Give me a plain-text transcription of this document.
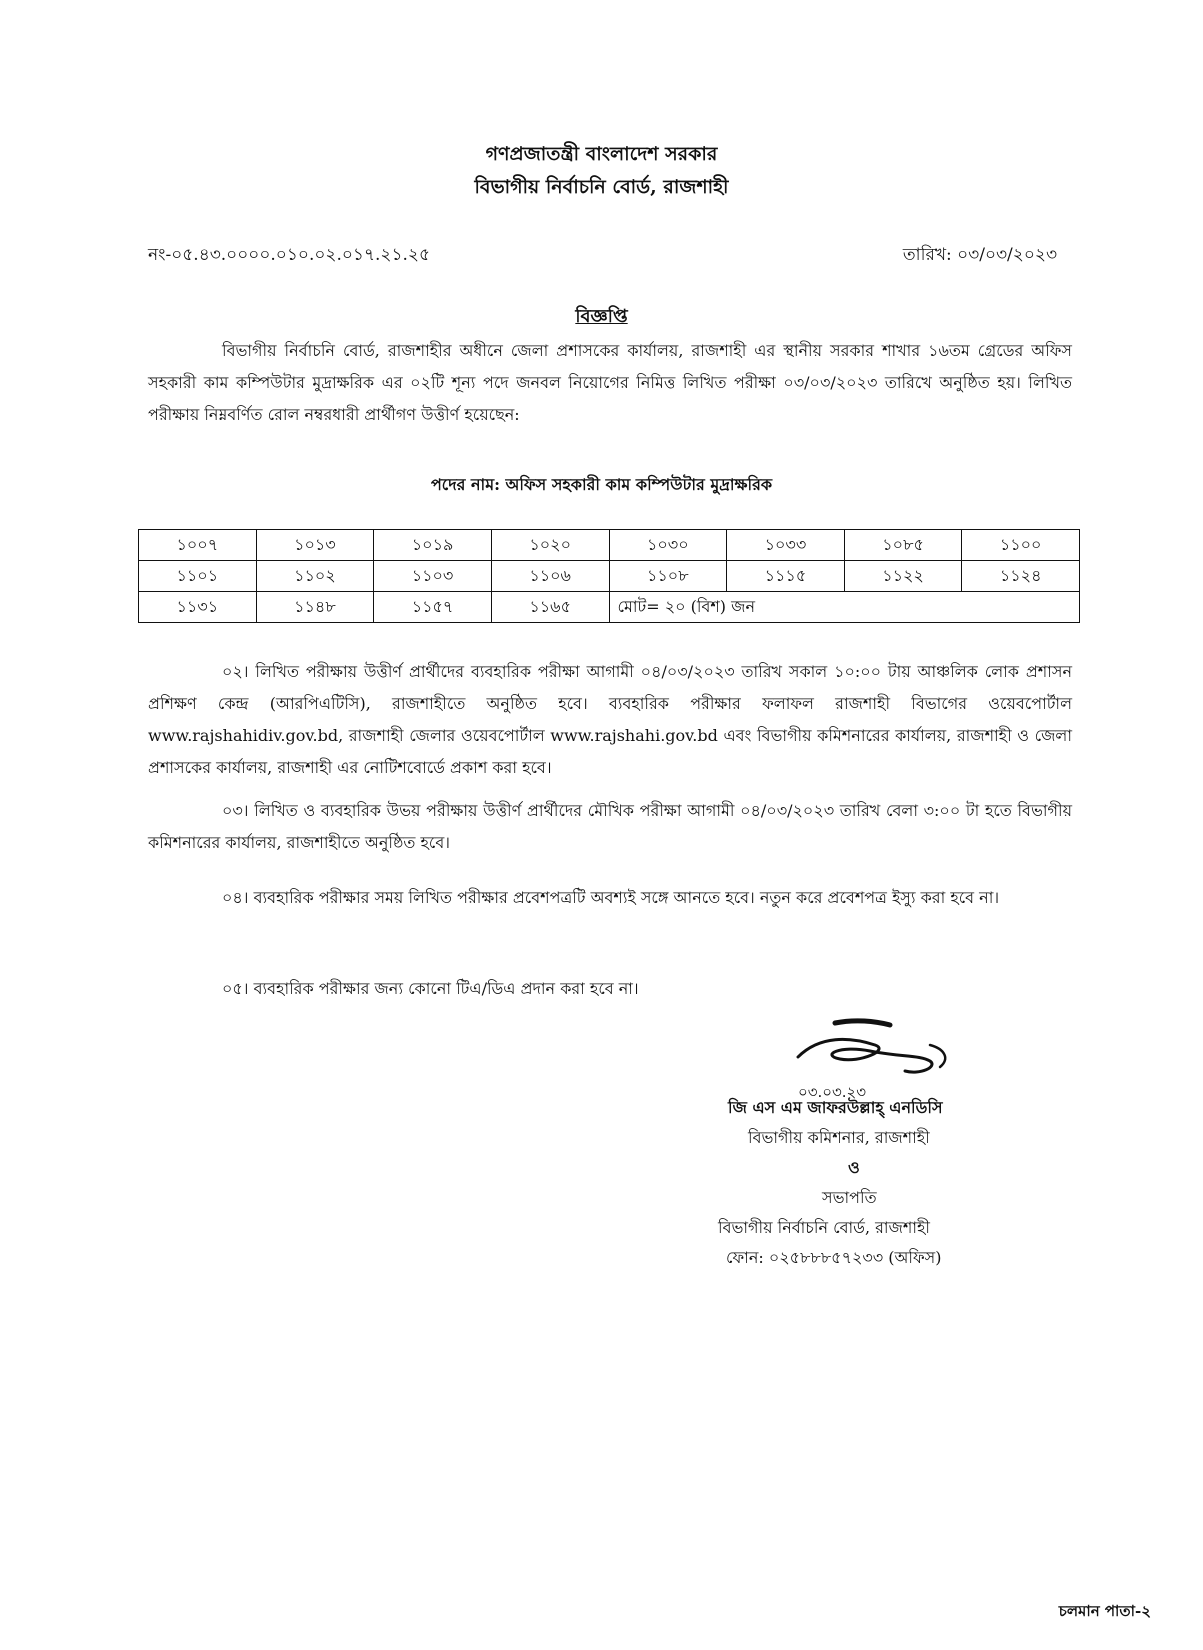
গণপ্রজাতন্ত্রী বাংলাদেশ সরকার
বিভাগীয় নির্বাচনি বোর্ড, রাজশাহী
নং-০৫.৪৩.০০০০.০১০.০২.০১৭.২১.২৫	তারিখ: ০৩/০৩/২০২৩
বিজ্ঞপ্তি
বিভাগীয় নির্বাচনি বোর্ড, রাজশাহীর অধীনে জেলা প্রশাসকের কার্যালয়, রাজশাহী এর স্থানীয় সরকার শাখার ১৬তম গ্রেডের অফিস সহকারী কাম কম্পিউটার মুদ্রাক্ষরিক এর ০২টি শূন্য পদে জনবল নিয়োগের নিমিত্ত লিখিত পরীক্ষা ০৩/০৩/২০২৩ তারিখে অনুষ্ঠিত হয়। লিখিত পরীক্ষায় নিম্নবর্ণিত রোল নম্বরধারী প্রার্থীগণ উত্তীর্ণ হয়েছেন:
পদের নাম: অফিস সহকারী কাম কম্পিউটার মুদ্রাক্ষরিক
১০০৭	১০১৩	১০১৯	১০২০	১০৩০	১০৩৩	১০৮৫	১১০০
১১০১	১১০২	১১০৩	১১০৬	১১০৮	১১১৫	১১২২	১১২৪
১১৩১	১১৪৮	১১৫৭	১১৬৫	মোট= ২০ (বিশ) জন			
০২। লিখিত পরীক্ষায় উত্তীর্ণ প্রার্থীদের ব্যবহারিক পরীক্ষা আগামী ০৪/০৩/২০২৩ তারিখ সকাল ১০:০০ টায় আঞ্চলিক লোক প্রশাসন প্রশিক্ষণ কেন্দ্র (আরপিএটিসি), রাজশাহীতে অনুষ্ঠিত হবে। ব্যবহারিক পরীক্ষার ফলাফল রাজশাহী বিভাগের ওয়েবপোর্টাল www.rajshahidiv.gov.bd, রাজশাহী জেলার ওয়েবপোর্টাল www.rajshahi.gov.bd এবং বিভাগীয় কমিশনারের কার্যালয়, রাজশাহী ও জেলা প্রশাসকের কার্যালয়, রাজশাহী এর নোটিশবোর্ডে প্রকাশ করা হবে।
০৩। লিখিত ও ব্যবহারিক উভয় পরীক্ষায় উত্তীর্ণ প্রার্থীদের মৌখিক পরীক্ষা আগামী ০৪/০৩/২০২৩ তারিখ বেলা ৩:০০ টা হতে বিভাগীয় কমিশনারের কার্যালয়, রাজশাহীতে অনুষ্ঠিত হবে।
০৪। ব্যবহারিক পরীক্ষার সময় লিখিত পরীক্ষার প্রবেশপত্রটি অবশ্যই সঙ্গে আনতে হবে। নতুন করে প্রবেশপত্র ইস্যু করা হবে না।
০৫। ব্যবহারিক পরীক্ষার জন্য কোনো টিএ/ডিএ প্রদান করা হবে না।
০৩.০৩.২৩
জি এস এম জাফরউল্লাহ্ এনডিসি
বিভাগীয় কমিশনার, রাজশাহী
ও
সভাপতি
বিভাগীয় নির্বাচনি বোর্ড, রাজশাহী
ফোন: ০২৫৮৮৮৫৭২৩৩ (অফিস)
চলমান পাতা-২
